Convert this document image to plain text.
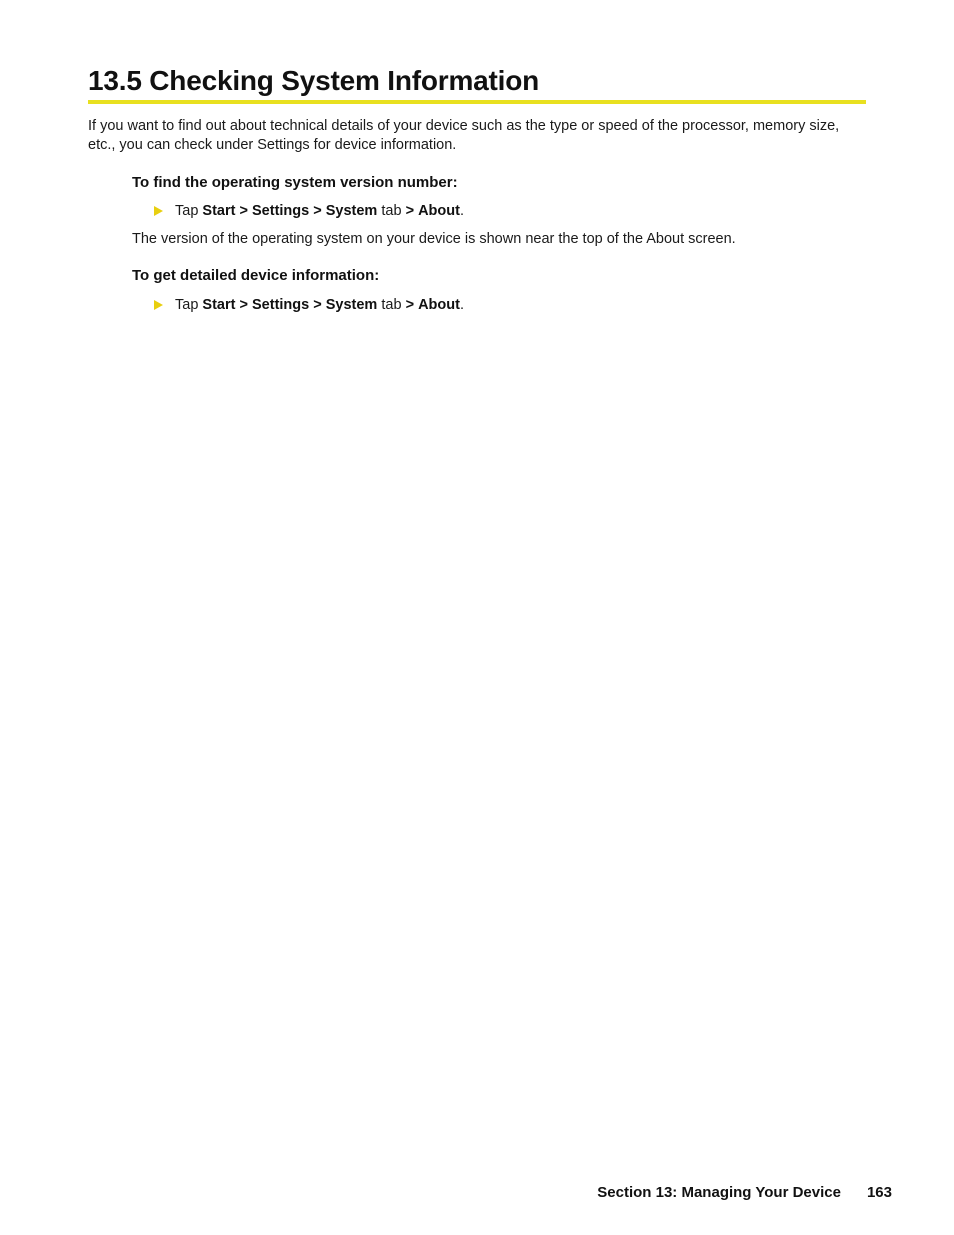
13.5 Checking System Information

If you want to find out about technical details of your device such as the type or speed of the processor, memory size, etc., you can check under Settings for device information.

To find the operating system version number:

Tap Start > Settings > System tab > About.

The version of the operating system on your device is shown near the top of the About screen.

To get detailed device information:

Tap Start > Settings > System tab > About.

Section 13: Managing Your Device 163
